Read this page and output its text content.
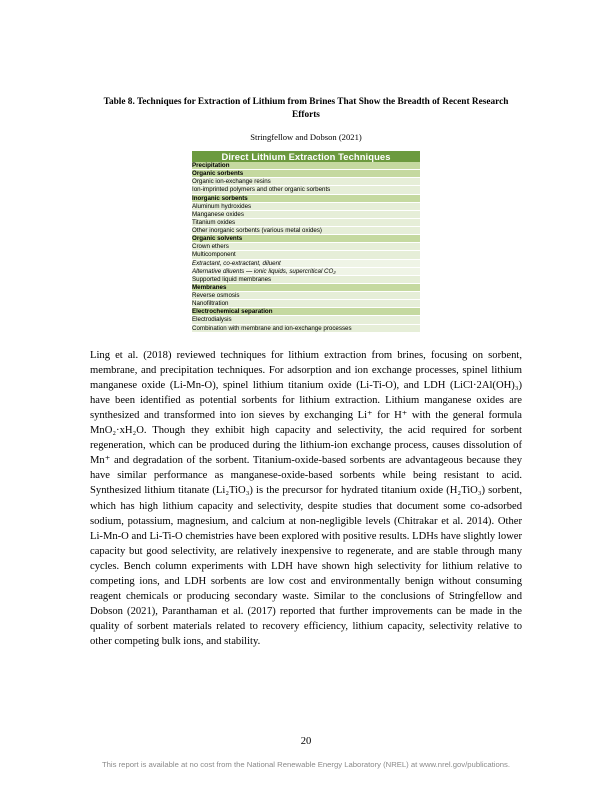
Table 8. Techniques for Extraction of Lithium from Brines That Show the Breadth of Recent Research Efforts
Stringfellow and Dobson (2021)
Direct Lithium Extraction Techniques
Precipitation
Organic sorbents
Organic ion-exchange resins
Ion-imprinted polymers and other organic sorbents
Inorganic sorbents
Aluminum hydroxides
Manganese oxides
Titanium oxides
Other inorganic sorbents (various metal oxides)
Organic solvents
Crown ethers
Multicomponent
Extractant, co-extractant, diluent
Alternative diluents — ionic liquids, supercritical CO₂
Supported liquid membranes
Membranes
Reverse osmosis
Nanofiltration
Electrochemical separation
Electrodialysis
Combination with membrane and ion-exchange processes
Ling et al. (2018) reviewed techniques for lithium extraction from brines, focusing on sorbent, membrane, and precipitation techniques. For adsorption and ion exchange processes, spinel lithium manganese oxide (Li-Mn-O), spinel lithium titanium oxide (Li-Ti-O), and LDH (LiCl·2Al(OH)₃) have been identified as potential sorbents for lithium extraction. Lithium manganese oxides are synthesized and transformed into ion sieves by exchanging Li⁺ for H⁺ with the general formula MnO₂·xH₂O. Though they exhibit high capacity and selectivity, the acid required for sorbent regeneration, which can be produced during the lithium-ion exchange process, causes dissolution of Mn⁺ and degradation of the sorbent. Titanium-oxide-based sorbents are advantageous because they have similar performance as manganese-oxide-based sorbents while being resistant to acid. Synthesized lithium titanate (Li₂TiO₃) is the precursor for hydrated titanium oxide (H₂TiO₃) sorbent, which has high lithium capacity and selectivity, despite studies that document some co-adsorbed sodium, potassium, magnesium, and calcium at non-negligible levels (Chitrakar et al. 2014). Other Li-Mn-O and Li-Ti-O chemistries have been explored with positive results. LDHs have slightly lower capacity but good selectivity, are relatively inexpensive to regenerate, and are stable through many cycles. Bench column experiments with LDH have shown high selectivity for lithium relative to competing ions, and LDH sorbents are low cost and environmentally benign without consuming reagent chemicals or producing secondary waste. Similar to the conclusions of Stringfellow and Dobson (2021), Paranthaman et al. (2017) reported that further improvements can be made in the quality of sorbent materials related to recovery efficiency, lithium capacity, selectivity relative to other competing bulk ions, and stability.
20
This report is available at no cost from the National Renewable Energy Laboratory (NREL) at www.nrel.gov/publications.
